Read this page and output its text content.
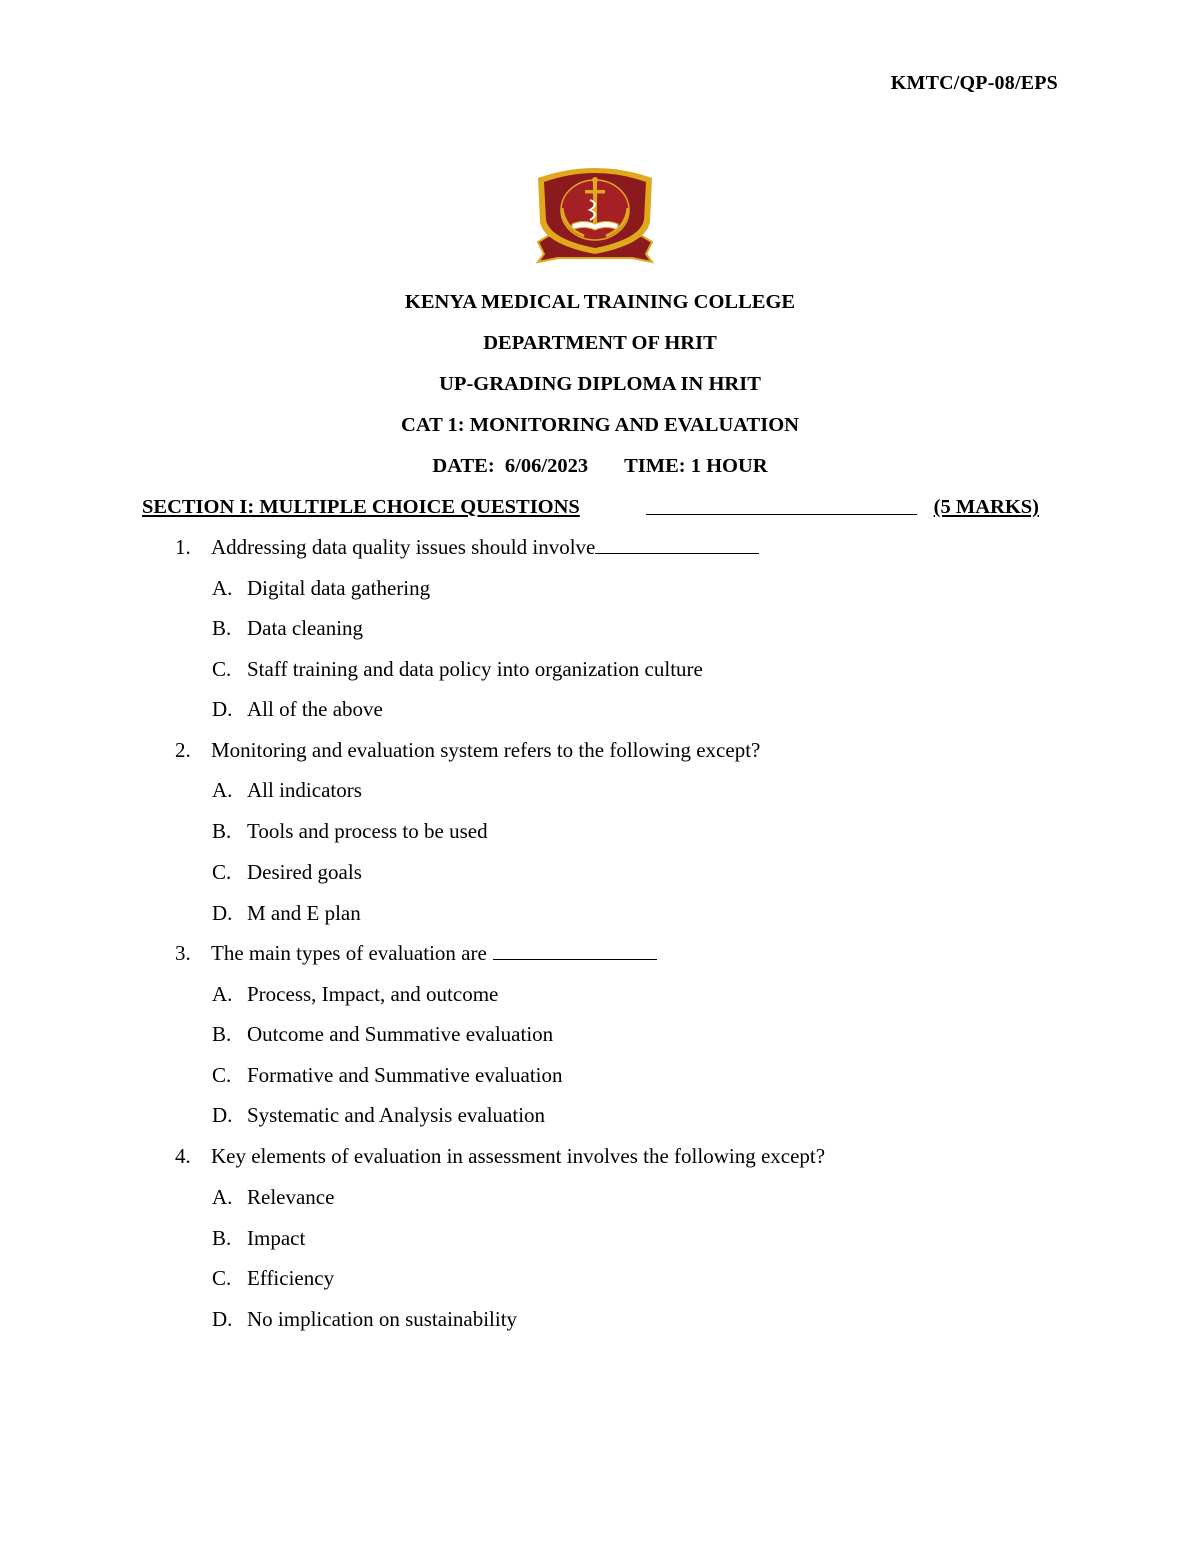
KMTC/QP-08/EPS
KENYA MEDICAL TRAINING COLLEGE
DEPARTMENT OF HRIT
UP-GRADING DIPLOMA IN HRIT
CAT 1: MONITORING AND EVALUATION
DATE:  6/06/2023 TIME: 1 HOUR
SECTION I: MULTIPLE CHOICE QUESTIONS	(5 MARKS)
1. Addressing data quality issues should involve
A. Digital data gathering
B. Data cleaning
C. Staff training and data policy into organization culture
D. All of the above
2. Monitoring and evaluation system refers to the following except?
A. All indicators
B. Tools and process to be used
C. Desired goals
D. M and E plan
3. The main types of evaluation are
A. Process, Impact, and outcome
B. Outcome and Summative evaluation
C. Formative and Summative evaluation
D. Systematic and Analysis evaluation
4. Key elements of evaluation in assessment involves the following except?
A. Relevance
B. Impact
C. Efficiency
D. No implication on sustainability
